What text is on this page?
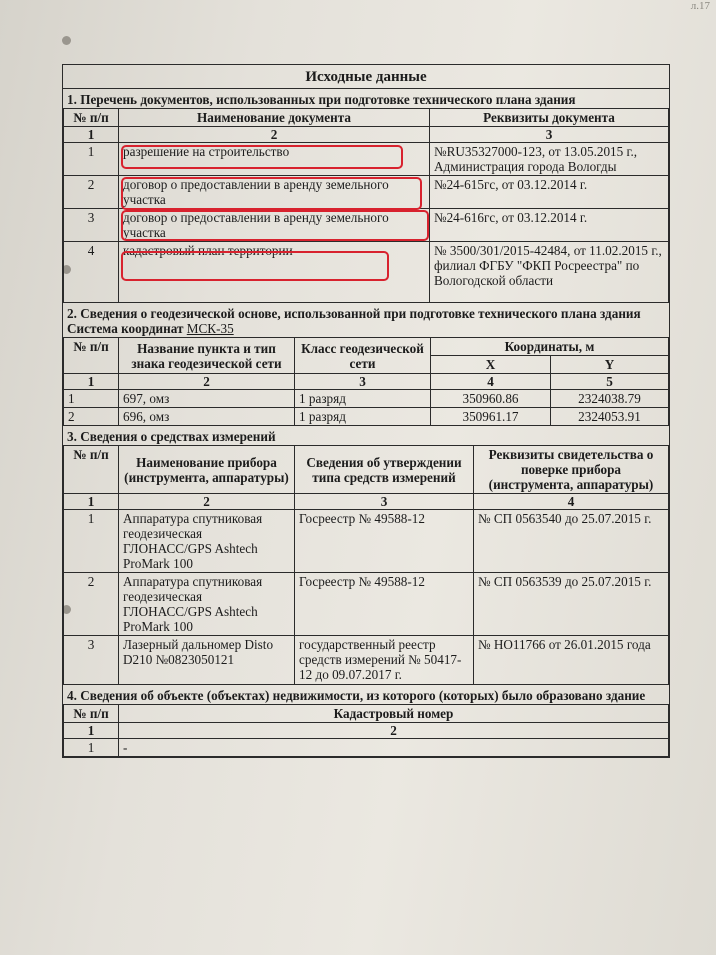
л.17
Исходные данные
1. Перечень документов, использованных при подготовке технического плана здания
№ п/п	Наименование документа	Реквизиты документа
1	2	3
1	разрешение на строительство	№RU35327000-123, от 13.05.2015 г., Администрация города Вологды
2	договор о предоставлении в аренду земельного участка	№24-615гс, от 03.12.2014 г.
3	договор о предоставлении в аренду земельного участка	№24-616гс, от 03.12.2014 г.
4	кадастровый план территории	№ 3500/301/2015-42484, от 11.02.2015 г., филиал ФГБУ "ФКП Росреестра" по Вологодской области
2. Сведения о геодезической основе, использованной при подготовке технического плана здания
Система координат МСК-35
№ п/п	Название пункта и тип знака геодезической сети	Класс геодезической сети	Координаты, м	
			X	Y
1	2	3	4	5
1	697, омз	1 разряд	350960.86	2324038.79
2	696, омз	1 разряд	350961.17	2324053.91
3. Сведения о средствах измерений
№ п/п	Наименование прибора (инструмента, аппаратуры)	Сведения об утверждении типа средств измерений	Реквизиты свидетельства о поверке прибора (инструмента, аппаратуры)
1	2	3	4
1	Аппаратура спутниковая геодезическая ГЛОНАСС/GPS Ashtech ProMark 100	Госреестр № 49588-12	№ СП 0563540 до 25.07.2015 г.
2	Аппаратура спутниковая геодезическая ГЛОНАСС/GPS Ashtech ProMark 100	Госреестр № 49588-12	№ СП 0563539 до 25.07.2015 г.
3	Лазерный дальномер Disto D210 №0823050121	государственный реестр средств измерений № 50417-12 до 09.07.2017 г.	№ НО11766 от 26.01.2015 года
4. Сведения об объекте (объектах) недвижимости, из которого (которых) было образовано здание
№ п/п	Кадастровый номер
1	2
1	-
